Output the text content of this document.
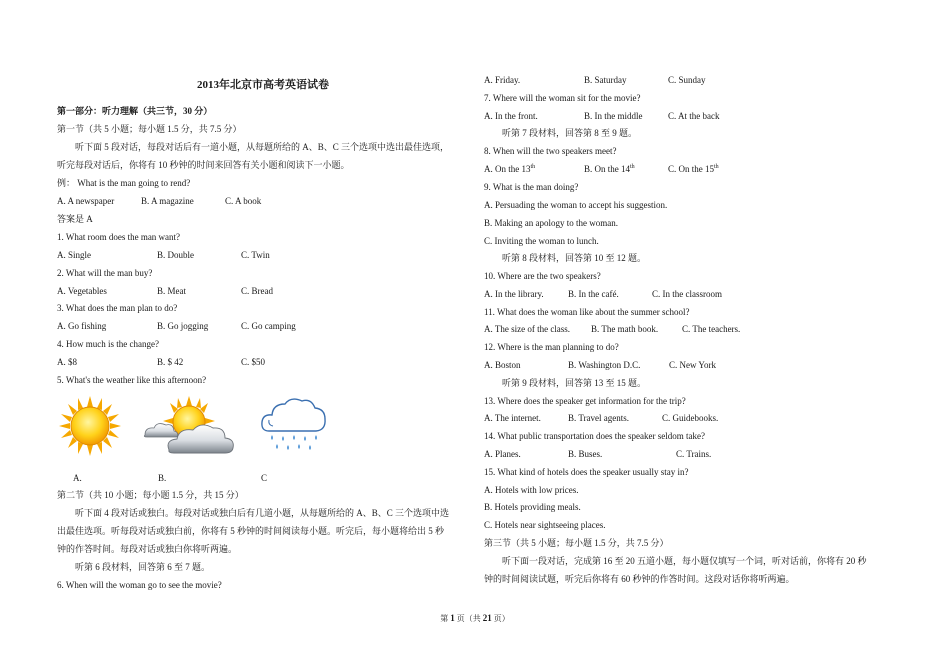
2013年北京市高考英语试卷
第一部分：听力理解（共三节，30 分）
第一节（共 5 小题；每小题 1.5 分，共 7.5 分）
听下面 5 段对话，每段对话后有一道小题，从每题所给的 A、B、C 三个选项中选出最佳选项，
听完每段对话后，你将有 10 秒钟的时间来回答有关小题和阅读下一小题。
例： What is the man going to rend?
A. A newspaper	B. A magazine	C. A book
答案是 A
1. What room does the man want?
A. Single	B. Double	C. Twin
2. What will the man buy?
A. Vegetables	B. Meat	C. Bread
3. What does the man plan to do?
A. Go fishing	B. Go jogging	C. Go camping
4. How much is the change?
A. $8	B. $ 42	C. $50
5. What's the weather like this afternoon?
A.	B.	C
第二节（共 10 小题；每小题 1.5 分，共 15 分）
听下面 4 段对话或独白。每段对话或独白后有几道小题，从每题所给的 A、B、C 三个选项中选
出最佳选项。听每段对话或独白前，你将有 5 秒钟的时间阅读每小题。听完后，每小题将给出 5 秒
钟的作答时间。每段对话或独白你将听两遍。
听第 6 段材料，回答第 6 至 7 题。
6. When will the woman go to see the movie?
A. Friday.	B. Saturday	C. Sunday
7. Where will the woman sit for the movie?
A. In the front.	B. In the middle	C. At the back
听第 7 段材料，回答第 8 至 9 题。
8. When will the two speakers meet?
A. On the 13th	B. On the 14th	C. On the 15th
9. What is the man doing?
A. Persuading the woman to accept his suggestion.
B. Making an apology to the woman.
C. Inviting the woman to lunch.
听第 8 段材料，回答第 10 至 12 题。
10. Where are the two speakers?
A. In the library.	B. In the café.	C. In the classroom
11. What does the woman like about the summer school?
A. The size of the class. B. The math book.	C. The teachers.
12. Where is the man planning to do?
A. Boston	B. Washington D.C.	C. New York
听第 9 段材料，回答第 13 至 15 题。
13. Where does the speaker get information for the trip?
A. The internet.	B. Travel agents.	C. Guidebooks.
14. What public transportation does the speaker seldom take?
A. Planes.	B. Buses.	C. Trains.
15. What kind of hotels does the speaker usually stay in?
A. Hotels with low prices.
B. Hotels providing meals.
C. Hotels near sightseeing places.
第三节（共 5 小题；每小题 1.5 分，共 7.5 分）
听下面一段对话，完成第 16 至 20 五道小题，每小题仅填写一个词，听对话前，你将有 20 秒
钟的时间阅读试题，听完后你将有 60 秒钟的作答时间。这段对话你将听两遍。
第 1 页（共 21 页）
